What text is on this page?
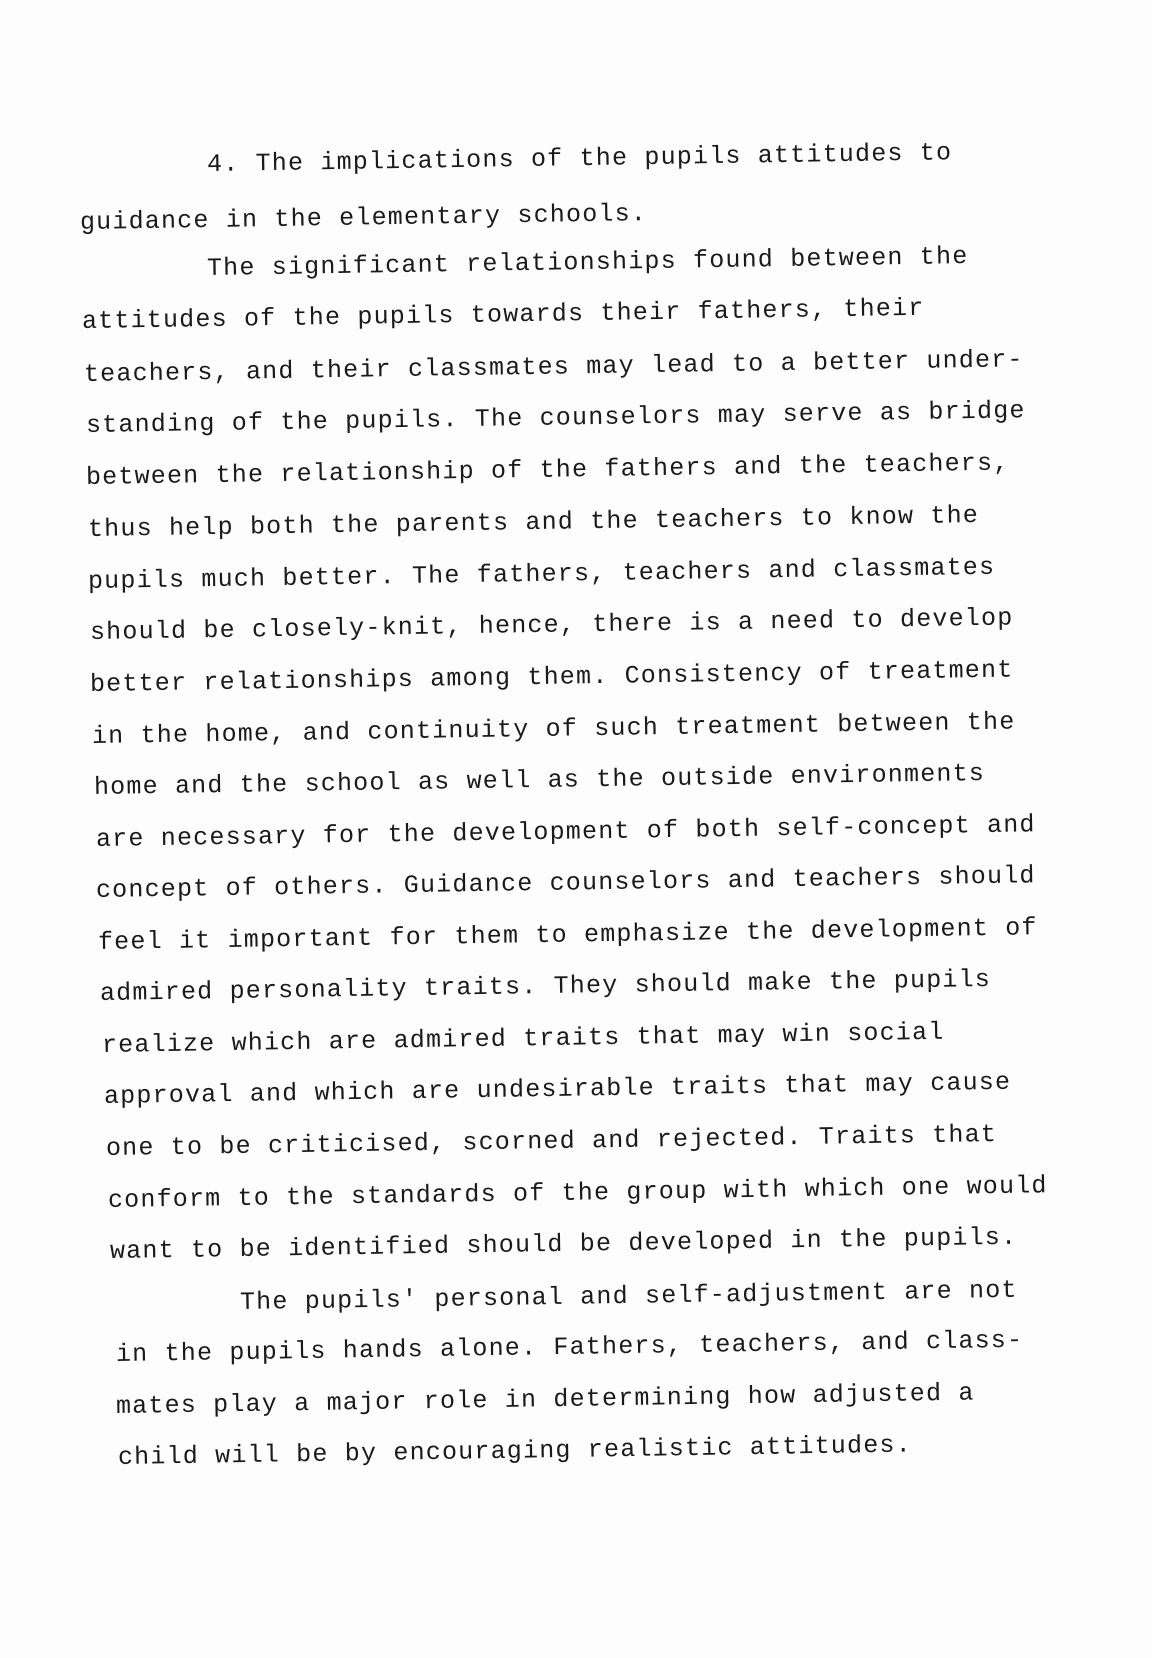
4. The implications of the pupils attitudes to
guidance in the elementary schools.
The significant relationships found between the
attitudes of the pupils towards their fathers, their
teachers, and their classmates may lead to a better under-
standing of the pupils. The counselors may serve as bridge
between the relationship of the fathers and the teachers,
thus help both the parents and the teachers to know the
pupils much better. The fathers, teachers and classmates
should be closely-knit, hence, there is a need to develop
better relationships among them. Consistency of treatment
in the home, and continuity of such treatment between the
home and the school as well as the outside environments
are necessary for the development of both self-concept and
concept of others. Guidance counselors and teachers should
feel it important for them to emphasize the development of
admired personality traits. They should make the pupils
realize which are admired traits that may win social
approval and which are undesirable traits that may cause
one to be criticised, scorned and rejected. Traits that
conform to the standards of the group with which one would
want to be identified should be developed in the pupils.
The pupils' personal and self-adjustment are not
in the pupils hands alone. Fathers, teachers, and class-
mates play a major role in determining how adjusted a
child will be by encouraging realistic attitudes.
